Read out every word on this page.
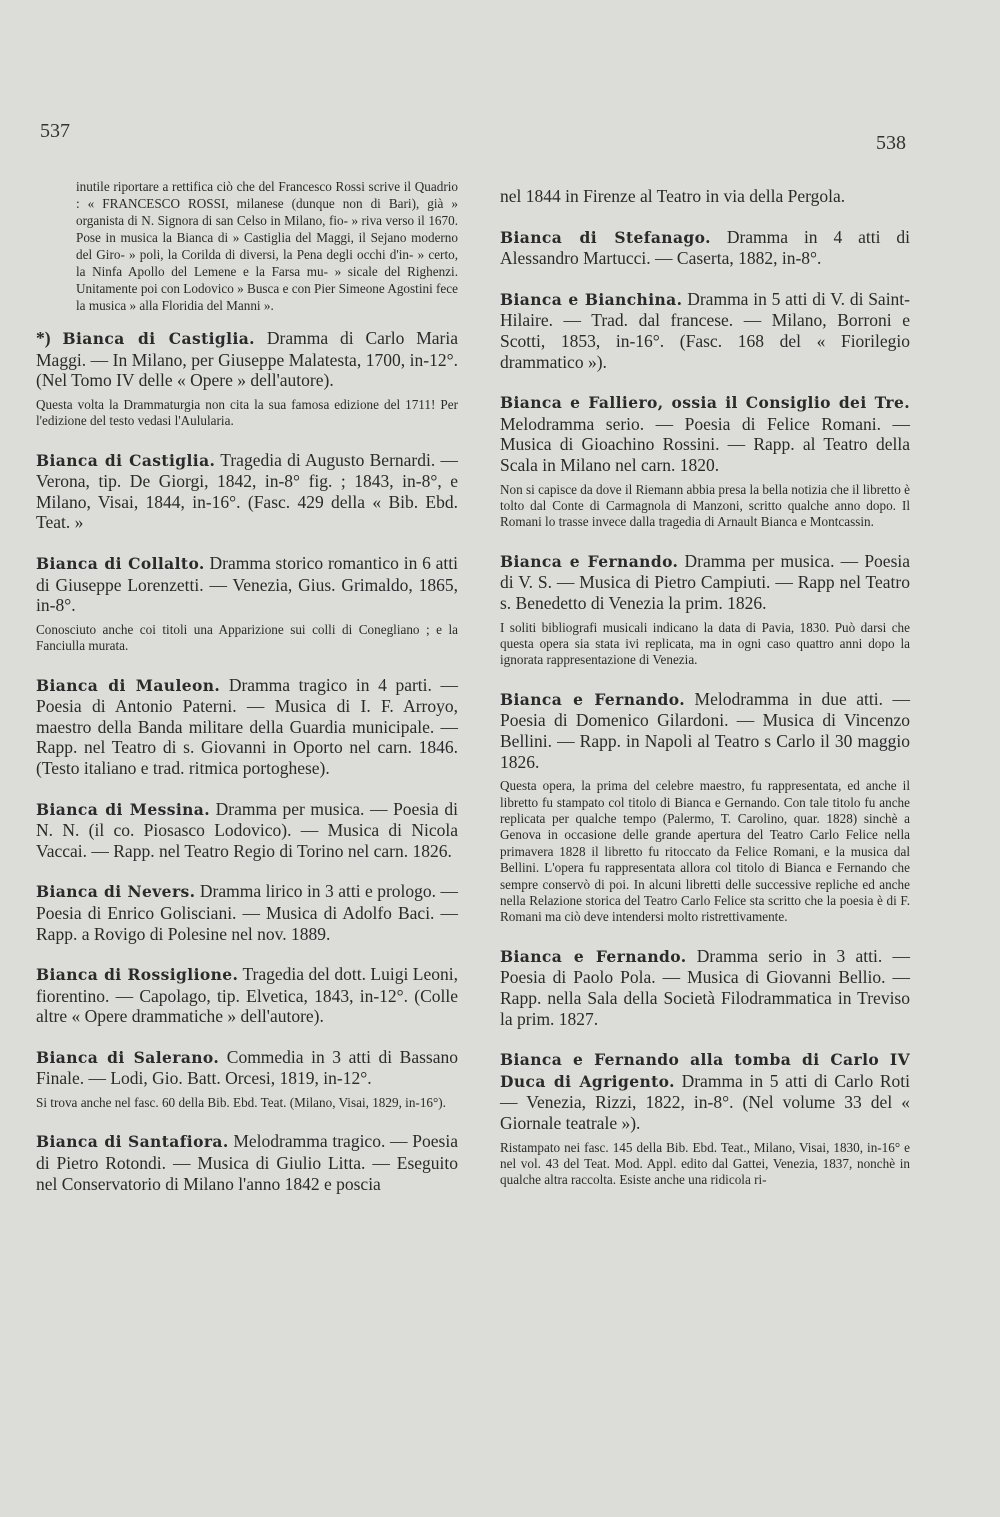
537
538

inutile riportare a rettifica ciò che del Francesco Rossi scrive il Quadrio : « FRANCESCO ROSSI, milanese (dunque non di Bari), già » organista di N. Signora di san Celso in Milano, fio- » riva verso il 1670. Pose in musica la Bianca di » Castiglia del Maggi, il Sejano moderno del Giro- » poli, la Corilda di diversi, la Pena degli occhi d'in- » certo, la Ninfa Apollo del Lemene e la Farsa mu- » sicale del Righenzi. Unitamente poi con Lodovico » Busca e con Pier Simeone Agostini fece la musica » alla Floridia del Manni ».

*) Bianca di Castiglia. Dramma di Carlo Maria Maggi. — In Milano, per Giuseppe Malatesta, 1700, in-12°. (Nel Tomo IV delle « Opere » dell'autore).

Questa volta la Drammaturgia non cita la sua famosa edizione del 1711! Per l'edizione del testo vedasi l'Aulularia.

Bianca di Castiglia. Tragedia di Augusto Bernardi. — Verona, tip. De Giorgi, 1842, in-8° fig. ; 1843, in-8°, e Milano, Visai, 1844, in-16°. (Fasc. 429 della « Bib. Ebd. Teat. »
Bianca di Collalto. Dramma storico romantico in 6 atti di Giuseppe Lorenzetti. — Venezia, Gius. Grimaldo, 1865, in-8°.

Conosciuto anche coi titoli una Apparizione sui colli di Conegliano ; e la Fanciulla murata.

Bianca di Mauleon. Dramma tragico in 4 parti. — Poesia di Antonio Paterni. — Musica di I. F. Arroyo, maestro della Banda militare della Guardia municipale. — Rapp. nel Teatro di s. Giovanni in Oporto nel carn. 1846. (Testo italiano e trad. ritmica portoghese).
Bianca di Messina. Dramma per musica. — Poesia di N. N. (il co. Piosasco Lodovico). — Musica di Nicola Vaccai. — Rapp. nel Teatro Regio di Torino nel carn. 1826.
Bianca di Nevers. Dramma lirico in 3 atti e prologo. — Poesia di Enrico Golisciani. — Musica di Adolfo Baci. — Rapp. a Rovigo di Polesine nel nov. 1889.
Bianca di Rossiglione. Tragedia del dott. Luigi Leoni, fiorentino. — Capolago, tip. Elvetica, 1843, in-12°. (Colle altre « Opere drammatiche » dell'autore).
Bianca di Salerano. Commedia in 3 atti di Bassano Finale. — Lodi, Gio. Batt. Orcesi, 1819, in-12°.

Si trova anche nel fasc. 60 della Bib. Ebd. Teat. (Milano, Visai, 1829, in-16°).

Bianca di Santafiora. Melodramma tragico. — Poesia di Pietro Rotondi. — Musica di Giulio Litta. — Eseguito nel Conservatorio di Milano l'anno 1842 e poscia
nel 1844 in Firenze al Teatro in via della Pergola.
Bianca di Stefanago. Dramma in 4 atti di Alessandro Martucci. — Caserta, 1882, in-8°.
Bianca e Bianchina. Dramma in 5 atti di V. di Saint-Hilaire. — Trad. dal francese. — Milano, Borroni e Scotti, 1853, in-16°. (Fasc. 168 del « Fiorilegio drammatico »).
Bianca e Falliero, ossia il Consiglio dei Tre. Melodramma serio. — Poesia di Felice Romani. — Musica di Gioachino Rossini. — Rapp. al Teatro della Scala in Milano nel carn. 1820.

Non si capisce da dove il Riemann abbia presa la bella notizia che il libretto è tolto dal Conte di Carmagnola di Manzoni, scritto qualche anno dopo. Il Romani lo trasse invece dalla tragedia di Arnault Bianca e Montcassin.

Bianca e Fernando. Dramma per musica. — Poesia di V. S. — Musica di Pietro Campiuti. — Rapp nel Teatro s. Benedetto di Venezia la prim. 1826.

I soliti bibliografi musicali indicano la data di Pavia, 1830. Può darsi che questa opera sia stata ivi replicata, ma in ogni caso quattro anni dopo la ignorata rappresentazione di Venezia.

Bianca e Fernando. Melodramma in due atti. — Poesia di Domenico Gilardoni. — Musica di Vincenzo Bellini. — Rapp. in Napoli al Teatro s Carlo il 30 maggio 1826.

Questa opera, la prima del celebre maestro, fu rappresentata, ed anche il libretto fu stampato col titolo di Bianca e Gernando. Con tale titolo fu anche replicata per qualche tempo (Palermo, T. Carolino, quar. 1828) sinchè a Genova in occasione delle grande apertura del Teatro Carlo Felice nella primavera 1828 il libretto fu ritoccato da Felice Romani, e la musica dal Bellini. L'opera fu rappresentata allora col titolo di Bianca e Fernando che sempre conservò di poi. In alcuni libretti delle successive repliche ed anche nella Relazione storica del Teatro Carlo Felice sta scritto che la poesia è di F. Romani ma ciò deve intendersi molto ristrettivamente.

Bianca e Fernando. Dramma serio in 3 atti. — Poesia di Paolo Pola. — Musica di Giovanni Bellio. — Rapp. nella Sala della Società Filodrammatica in Treviso la prim. 1827.
Bianca e Fernando alla tomba di Carlo IV Duca di Agrigento. Dramma in 5 atti di Carlo Roti — Venezia, Rizzi, 1822, in-8°. (Nel volume 33 del « Giornale teatrale »).

Ristampato nei fasc. 145 della Bib. Ebd. Teat., Milano, Visai, 1830, in-16° e nel vol. 43 del Teat. Mod. Appl. edito dal Gattei, Venezia, 1837, nonchè in qualche altra raccolta. Esiste anche una ridicola ri-
